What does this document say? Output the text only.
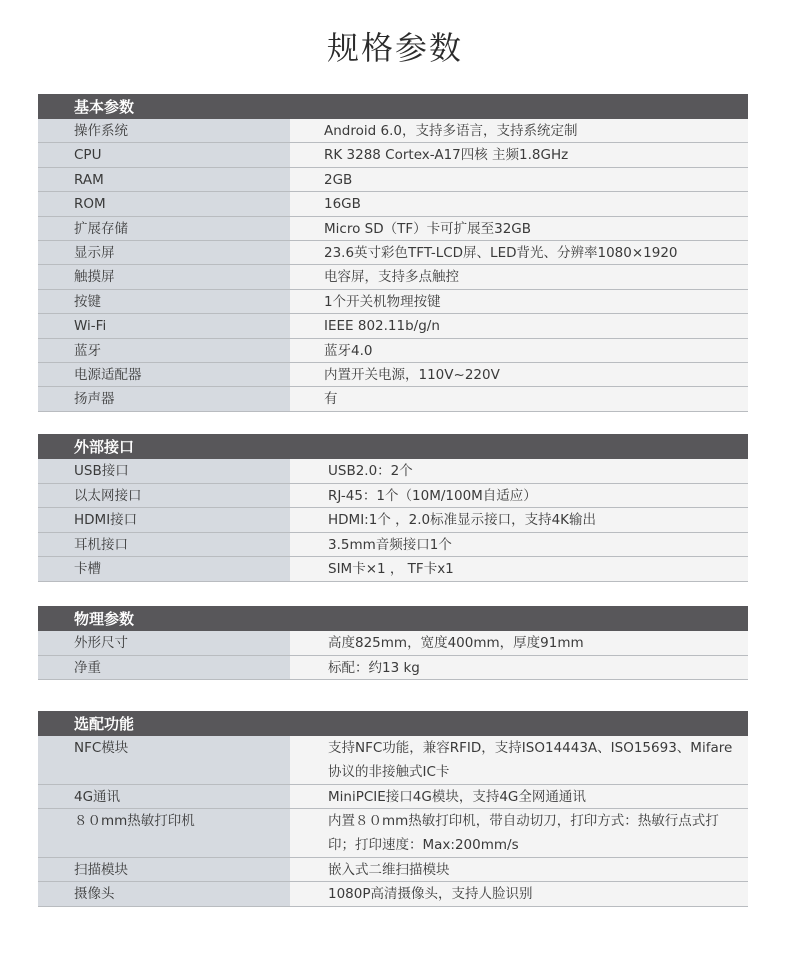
规格参数
基本参数
操作系统	Android 6.0，支持多语言，支持系统定制
CPU	RK 3288 Cortex-A17四核 主频1.8GHz
RAM	2GB
ROM	16GB
扩展存储	Micro SD（TF）卡可扩展至32GB
显示屏	23.6英寸彩色TFT-LCD屏、LED背光、分辨率1080×1920
触摸屏	电容屏，支持多点触控
按键	1个开关机物理按键
Wi-Fi	IEEE 802.11b/g/n
蓝牙	蓝牙4.0
电源适配器	内置开关电源，110V~220V
扬声器	有
外部接口
USB接口	USB2.0：2个
以太网接口	RJ-45：1个（10M/100M自适应）
HDMI接口	HDMI:1个 ，2.0标准显示接口，支持4K输出
耳机接口	3.5mm音频接口1个
卡槽	SIM卡×1 ， TF卡x1
物理参数
外形尺寸	高度825mm，宽度400mm，厚度91mm
净重	标配：约13 kg
选配功能
NFC模块	支持NFC功能，兼容RFID，支持ISO14443A、ISO15693、Mifare协议的非接触式IC卡
4G通讯	MiniPCIE接口4G模块，支持4G全网通通讯
８０mm热敏打印机	内置８０mm热敏打印机，带自动切刀，打印方式：热敏行点式打印；打印速度：Max:200mm/s
扫描模块	嵌入式二维扫描模块
摄像头	1080P高清摄像头，支持人脸识别
